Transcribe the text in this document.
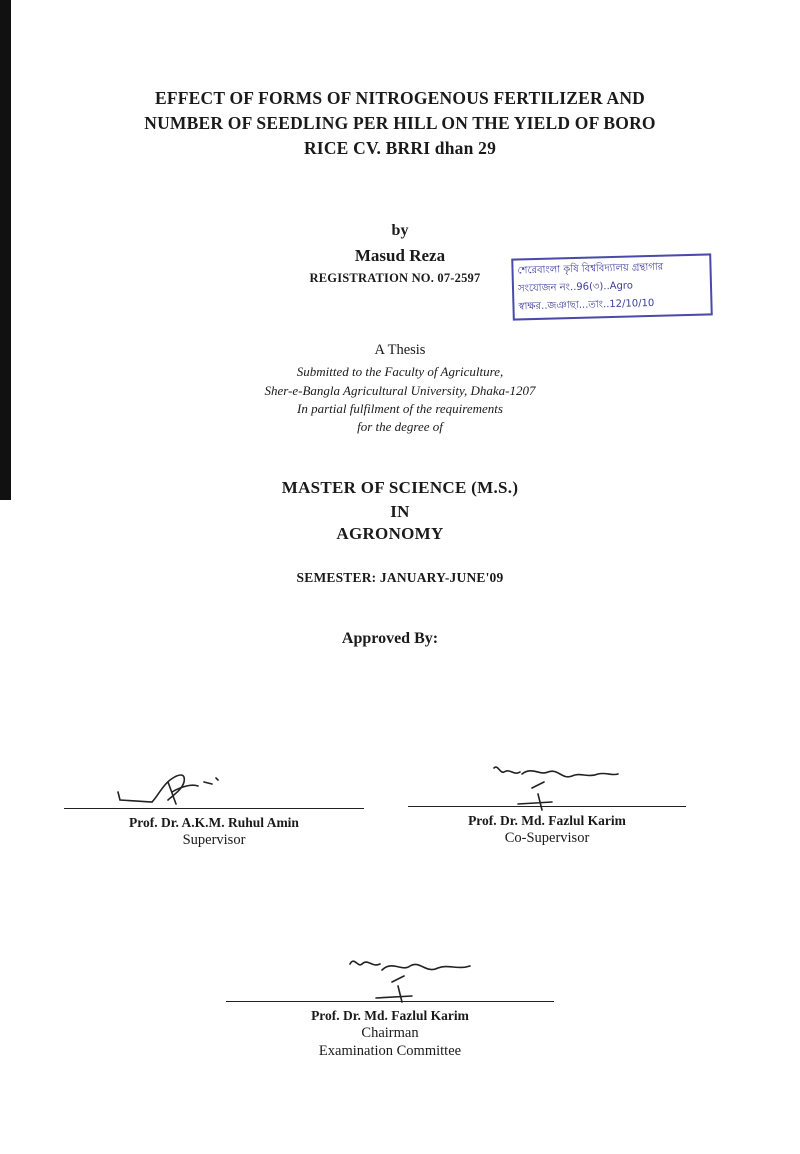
EFFECT OF FORMS OF NITROGENOUS FERTILIZER AND
NUMBER OF SEEDLING PER HILL ON THE YIELD OF BORO
RICE CV. BRRI dhan 29
by
Masud Reza
REGISTRATION NO. 07-2597
শেরেবাংলা কৃষি বিশ্ববিদ্যালয় গ্রন্থাগার
সংযোজন নং..96(৩)..Agro
স্বাক্ষর..জঞাছা...তাং..12/10/10
A Thesis
Submitted to the Faculty of Agriculture,
Sher-e-Bangla Agricultural University, Dhaka-1207
In partial fulfilment of the requirements
for the degree of
MASTER OF SCIENCE (M.S.)
IN
AGRONOMY
SEMESTER: JANUARY-JUNE'09
Approved By:
Prof. Dr. A.K.M. Ruhul Amin
Supervisor
Prof. Dr. Md. Fazlul Karim
Co-Supervisor
Prof. Dr. Md. Fazlul Karim
Chairman
Examination Committee
